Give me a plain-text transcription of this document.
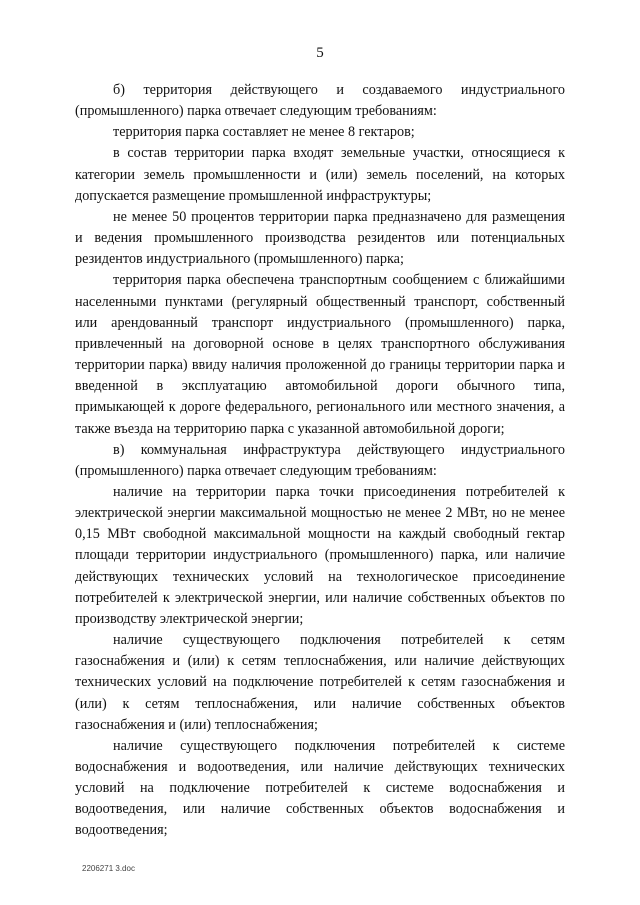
5

б) территория действующего и создаваемого индустриального (промышленного) парка отвечает следующим требованиям:

территория парка составляет не менее 8 гектаров;

в состав территории парка входят земельные участки, относящиеся к категории земель промышленности и (или) земель поселений, на которых допускается размещение промышленной инфраструктуры;

не менее 50 процентов территории парка предназначено для размещения и ведения промышленного производства резидентов или потенциальных резидентов индустриального (промышленного) парка;

территория парка обеспечена транспортным сообщением с ближайшими населенными пунктами (регулярный общественный транспорт, собственный или арендованный транспорт индустриального (промышленного) парка, привлеченный на договорной основе в целях транспортного обслуживания территории парка) ввиду наличия проложенной до границы территории парка и введенной в эксплуатацию автомобильной дороги обычного типа, примыкающей к дороге федерального, регионального или местного значения, а также въезда на территорию парка с указанной автомобильной дороги;

в) коммунальная инфраструктура действующего индустриального (промышленного) парка отвечает следующим требованиям:

наличие на территории парка точки присоединения потребителей к электрической энергии максимальной мощностью не менее 2 МВт, но не менее 0,15 МВт свободной максимальной мощности на каждый свободный гектар площади территории индустриального (промышленного) парка, или наличие действующих технических условий на технологическое присоединение потребителей к электрической энергии, или наличие собственных объектов по производству электрической энергии;

наличие существующего подключения потребителей к сетям газоснабжения и (или) к сетям теплоснабжения, или наличие действующих технических условий на подключение потребителей к сетям газоснабжения и (или) к сетям теплоснабжения, или наличие собственных объектов газоснабжения и (или) теплоснабжения;

наличие существующего подключения потребителей к системе водоснабжения и водоотведения, или наличие действующих технических условий на подключение потребителей к системе водоснабжения и водоотведения, или наличие собственных объектов водоснабжения и водоотведения;

2206271 3.doc
